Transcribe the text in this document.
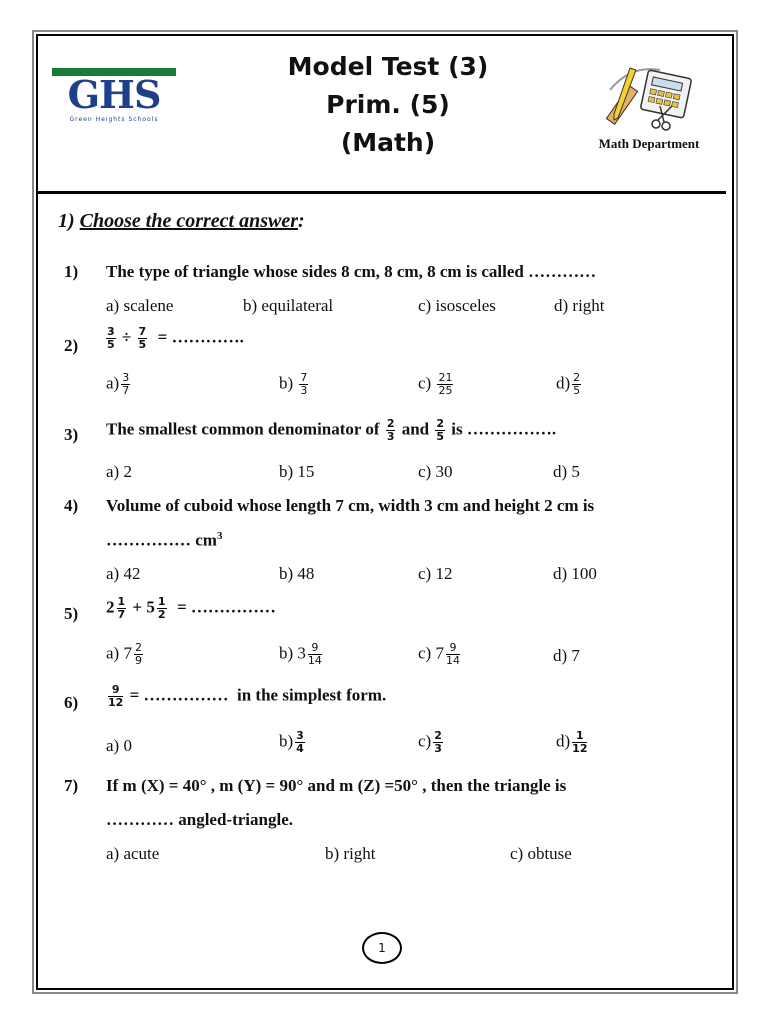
GHS
Green Heights Schools
Model Test (3)
Prim. (5)
(Math)	Math Department
1) Choose the correct answer:
1) The type of triangle whose sides 8 cm, 8 cm, 8 cm is called …………
a) scalene	b) equilateral	c) isosceles	d) right
2)	$\frac{3}{5} \div \frac{7}{5}$ = ………….
$a) \frac{3}{7}$	$b) \frac{7}{3}$	$c) \frac{21}{25}$	$d) \frac{2}{5}$
3) The smallest common denominator of $\frac{2}{3}$ and $\frac{2}{5}$ is …………….
a) 2	b) 15	c) 30	d) 5
4) Volume of cuboid whose length 7 cm, width 3 cm and height 2 cm is
…………… $cm^3$
a) 42	b) 48	c) 12	d) 100
5) $2 \frac{1}{7} + 5 \frac{1}{2}$ = ……………
a) $7 \frac{2}{9}$	b) $3 \frac{9}{14}$	c) $7 \frac{9}{14}$	d) 7
6)	$\frac{9}{12}$ = …………… in the simplest form.
a) 0	$b) \frac{3}{4}$	$c) \frac{2}{3}$	$d) \frac{1}{12}$
7) If m (X) = 40° , m (Y) = 90° and m (Z) =50° , then the triangle is
………… angled-triangle.
a) acute	b) right	c) obtuse
1
